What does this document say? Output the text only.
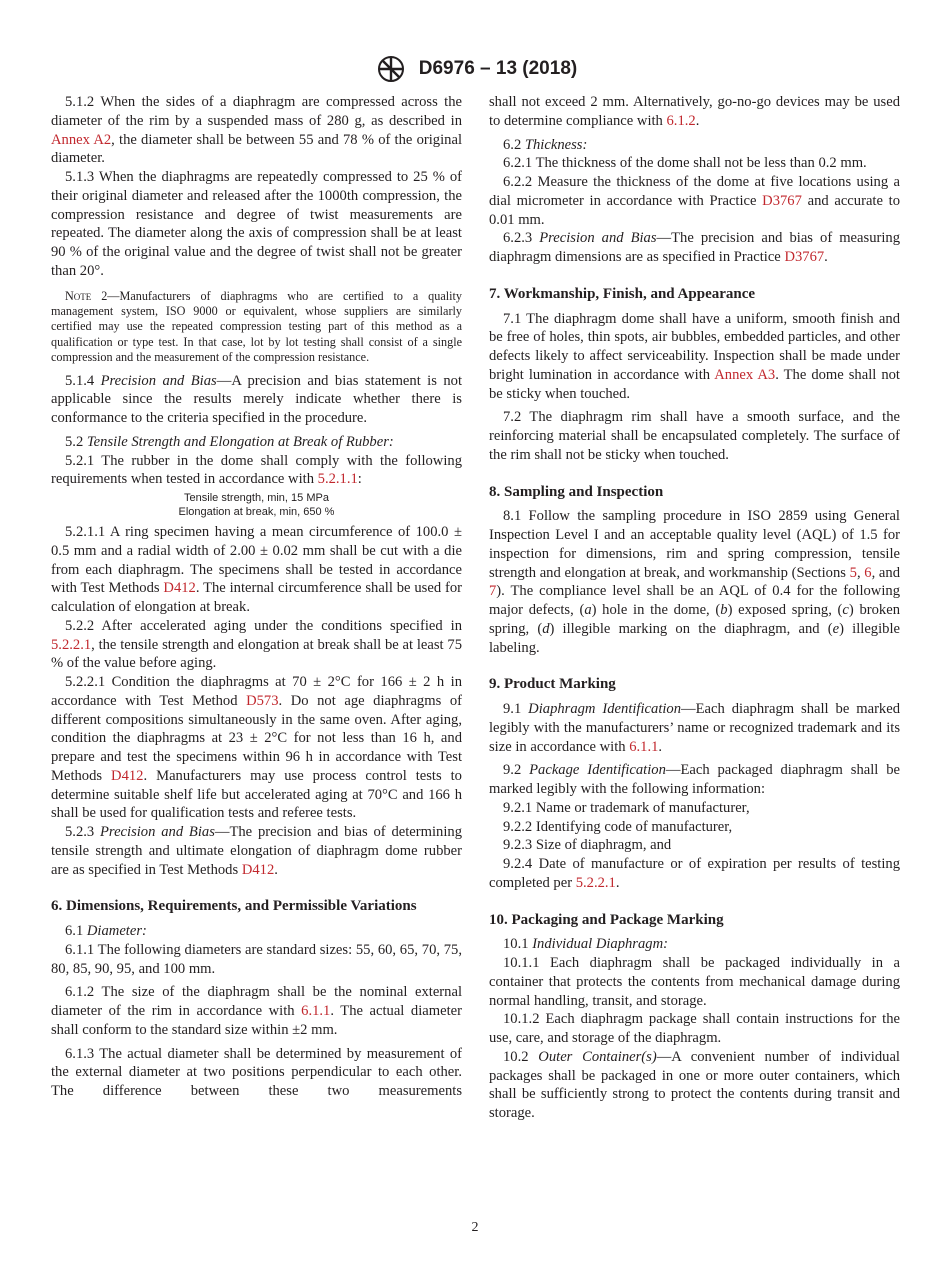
D6976 – 13 (2018)
5.1.2 When the sides of a diaphragm are compressed across the diameter of the rim by a suspended mass of 280 g, as described in Annex A2, the diameter shall be between 55 and 78 % of the original diameter.
5.1.3 When the diaphragms are repeatedly compressed to 25 % of their original diameter and released after the 1000th compression, the compression resistance and degree of twist measurements are repeated. The diameter along the axis of compression shall be at least 90 % of the original value and the degree of twist shall not be greater than 20°.
Note 2—Manufacturers of diaphragms who are certified to a quality management system, ISO 9000 or equivalent, whose suppliers are similarly certified may use the repeated compression testing part of this method as a qualification or type test. In that case, lot by lot testing shall consist of a single compression and the measurement of the compression resistance.
5.1.4 Precision and Bias—A precision and bias statement is not applicable since the results merely indicate whether there is conformance to the criteria specified in the procedure.
5.2 Tensile Strength and Elongation at Break of Rubber:
5.2.1 The rubber in the dome shall comply with the following requirements when tested in accordance with 5.2.1.1:
Tensile strength, min, 15 MPa
Elongation at break, min, 650 %
5.2.1.1 A ring specimen having a mean circumference of 100.0 ± 0.5 mm and a radial width of 2.00 ± 0.02 mm shall be cut with a die from each diaphragm. The specimens shall be tested in accordance with Test Methods D412. The internal circumference shall be used for calculation of elongation at break.
5.2.2 After accelerated aging under the conditions specified in 5.2.2.1, the tensile strength and elongation at break shall be at least 75 % of the value before aging.
5.2.2.1 Condition the diaphragms at 70 ± 2°C for 166 ± 2 h in accordance with Test Method D573. Do not age diaphragms of different compositions simultaneously in the same oven. After aging, condition the diaphragms at 23 ± 2°C for not less than 16 h, and prepare and test the specimens within 96 h in accordance with Test Methods D412. Manufacturers may use process control tests to determine suitable shelf life but accelerated aging at 70°C and 166 h shall be used for qualification tests and referee tests.
5.2.3 Precision and Bias—The precision and bias of determining tensile strength and ultimate elongation of diaphragm dome rubber are as specified in Test Methods D412.
6. Dimensions, Requirements, and Permissible Variations
6.1 Diameter:
6.1.1 The following diameters are standard sizes: 55, 60, 65, 70, 75, 80, 85, 90, 95, and 100 mm.
6.1.2 The size of the diaphragm shall be the nominal external diameter of the rim in accordance with 6.1.1. The actual diameter shall conform to the standard size within ±2 mm.
6.1.3 The actual diameter shall be determined by measurement of the external diameter at two positions perpendicular to each other. The difference between these two measurements
shall not exceed 2 mm. Alternatively, go-no-go devices may be used to determine compliance with 6.1.2.
6.2 Thickness:
6.2.1 The thickness of the dome shall not be less than 0.2 mm.
6.2.2 Measure the thickness of the dome at five locations using a dial micrometer in accordance with Practice D3767 and accurate to 0.01 mm.
6.2.3 Precision and Bias—The precision and bias of measuring diaphragm dimensions are as specified in Practice D3767.
7. Workmanship, Finish, and Appearance
7.1 The diaphragm dome shall have a uniform, smooth finish and be free of holes, thin spots, air bubbles, embedded particles, and other defects likely to affect serviceability. Inspection shall be made under bright lumination in accordance with Annex A3. The dome shall not be sticky when touched.
7.2 The diaphragm rim shall have a smooth surface, and the reinforcing material shall be encapsulated completely. The surface of the rim shall not be sticky when touched.
8. Sampling and Inspection
8.1 Follow the sampling procedure in ISO 2859 using General Inspection Level I and an acceptable quality level (AQL) of 1.5 for inspection for dimensions, rim and spring compression, tensile strength and elongation at break, and workmanship (Sections 5, 6, and 7). The compliance level shall be an AQL of 0.4 for the following major defects, (a) hole in the dome, (b) exposed spring, (c) broken spring, (d) illegible marking on the diaphragm, and (e) illegible labeling.
9. Product Marking
9.1 Diaphragm Identification—Each diaphragm shall be marked legibly with the manufacturers’ name or recognized trademark and its size in accordance with 6.1.1.
9.2 Package Identification—Each packaged diaphragm shall be marked legibly with the following information:
9.2.1 Name or trademark of manufacturer,
9.2.2 Identifying code of manufacturer,
9.2.3 Size of diaphragm, and
9.2.4 Date of manufacture or of expiration per results of testing completed per 5.2.2.1.
10. Packaging and Package Marking
10.1 Individual Diaphragm:
10.1.1 Each diaphragm shall be packaged individually in a container that protects the contents from mechanical damage during normal handling, transit, and storage.
10.1.2 Each diaphragm package shall contain instructions for the use, care, and storage of the diaphragm.
10.2 Outer Container(s)—A convenient number of individual packages shall be packaged in one or more outer containers, which shall be sufficiently strong to protect the contents during transit and storage.
2
